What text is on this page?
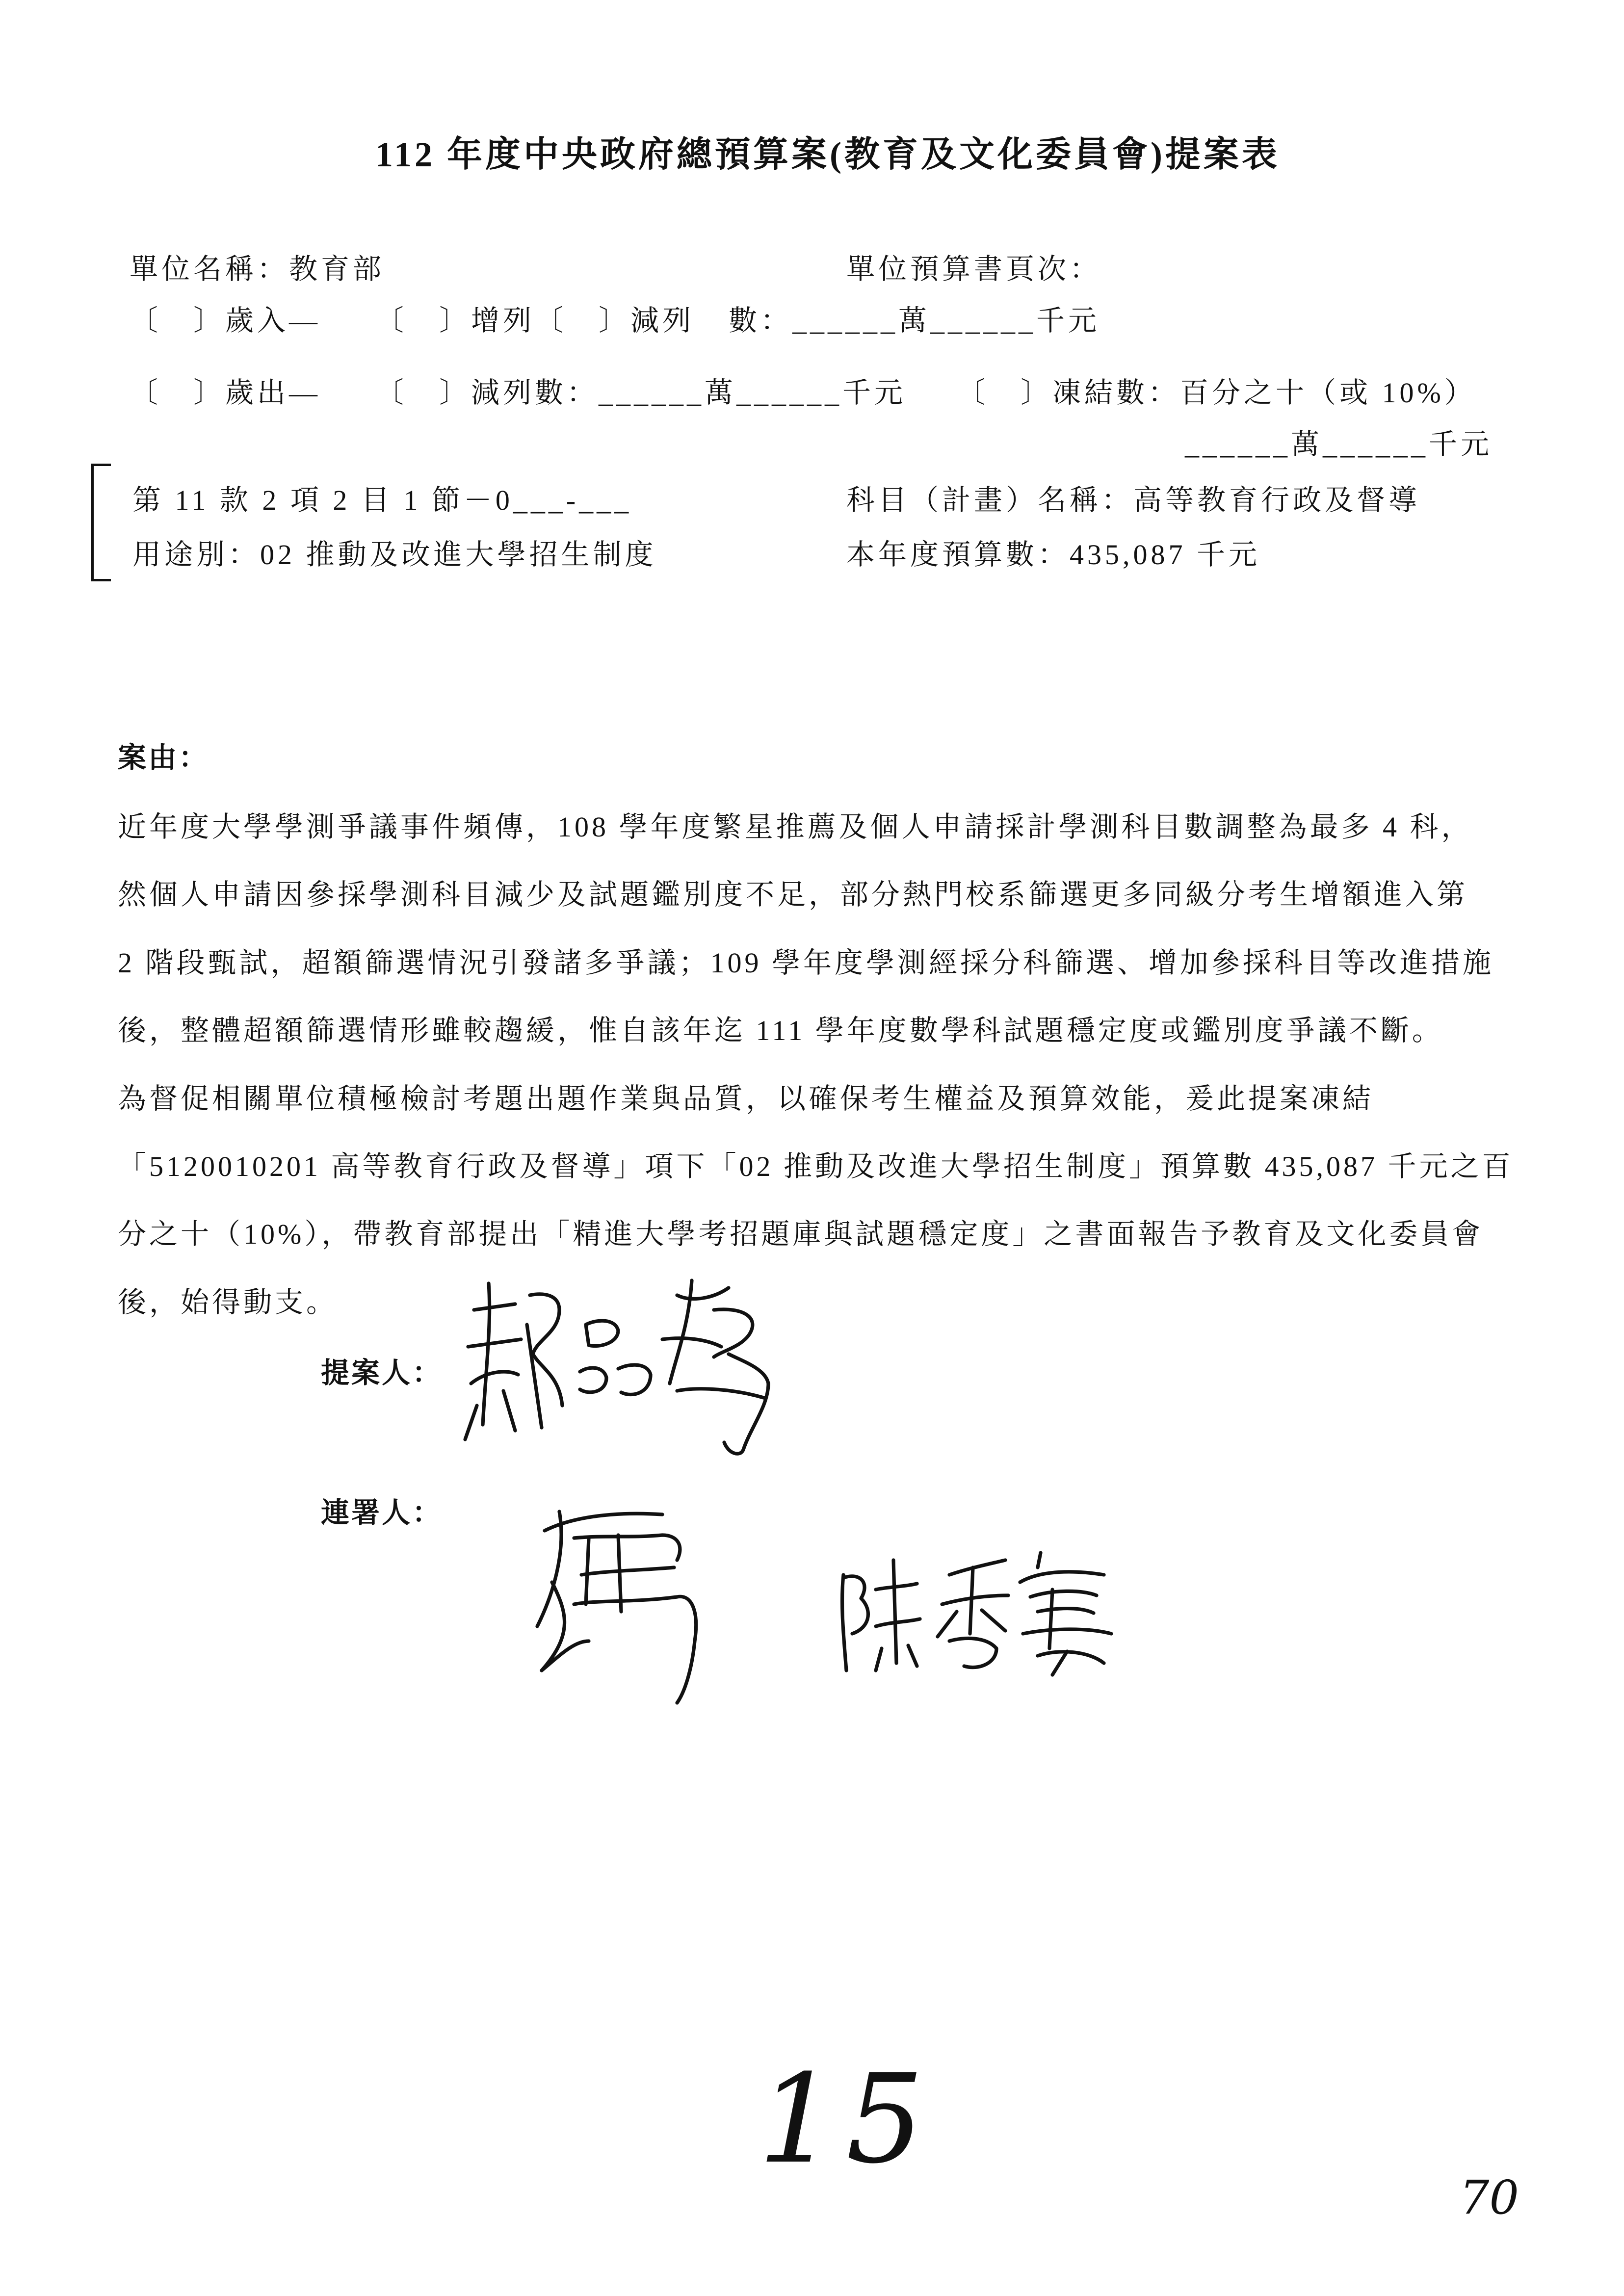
112 年度中央政府總預算案(教育及文化委員會)提案表
單位名稱：教育部	單位預算書頁次：
〔　〕歲入— 〔　〕增列〔　〕減列 數：______萬______千元
〔　〕歲出— 〔　〕減列數：______萬______千元 〔　〕凍結數：百分之十（或 10%）
______萬______千元
第 11 款 2 項 2 目 1 節－0___-___	科目（計畫）名稱：高等教育行政及督導
用途別：02 推動及改進大學招生制度	本年度預算數：435,087 千元
案由：
近年度大學學測爭議事件頻傳，108 學年度繁星推薦及個人申請採計學測科目數調整為最多 4 科，
然個人申請因參採學測科目減少及試題鑑別度不足，部分熱門校系篩選更多同級分考生增額進入第
2 階段甄試，超額篩選情況引發諸多爭議；109 學年度學測經採分科篩選、增加參採科目等改進措施
後，整體超額篩選情形雖較趨緩，惟自該年迄 111 學年度數學科試題穩定度或鑑別度爭議不斷。
為督促相關單位積極檢討考題出題作業與品質，以確保考生權益及預算效能，爰此提案凍結
「5120010201 高等教育行政及督導」項下「02 推動及改進大學招生制度」預算數 435,087 千元之百
分之十（10%），帶教育部提出「精進大學考招題庫與試題穩定度」之書面報告予教育及文化委員會
後，始得動支。
提案人：
連署人：
15
70
